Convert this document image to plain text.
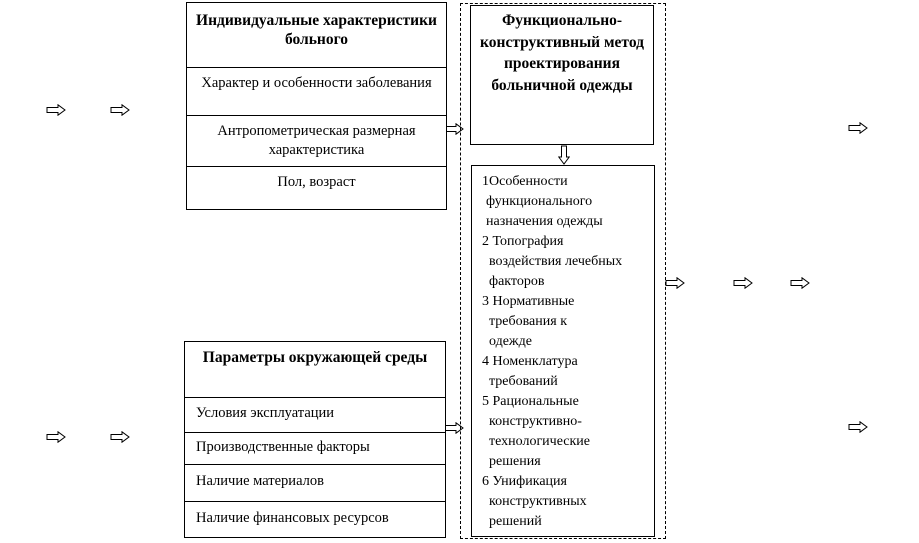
Индивидуальные характеристики больного
Характер и особенности заболевания
Антропометрическая размерная характеристика
Пол, возраст
Параметры окружающей среды
Условия эксплуатации
Производственные факторы
Наличие материалов
Наличие финансовых ресурсов
Функционально-конструктивный метод проектирования больничной одежды
1Особенности
функционального назначения одежды
2 Топография
воздействия лечебных факторов
3 Нормативные
требования к одежде
4 Номенклатура
требований
5 Рациональные
конструктивно-технологические решения
6 Унификация
конструктивных решений
